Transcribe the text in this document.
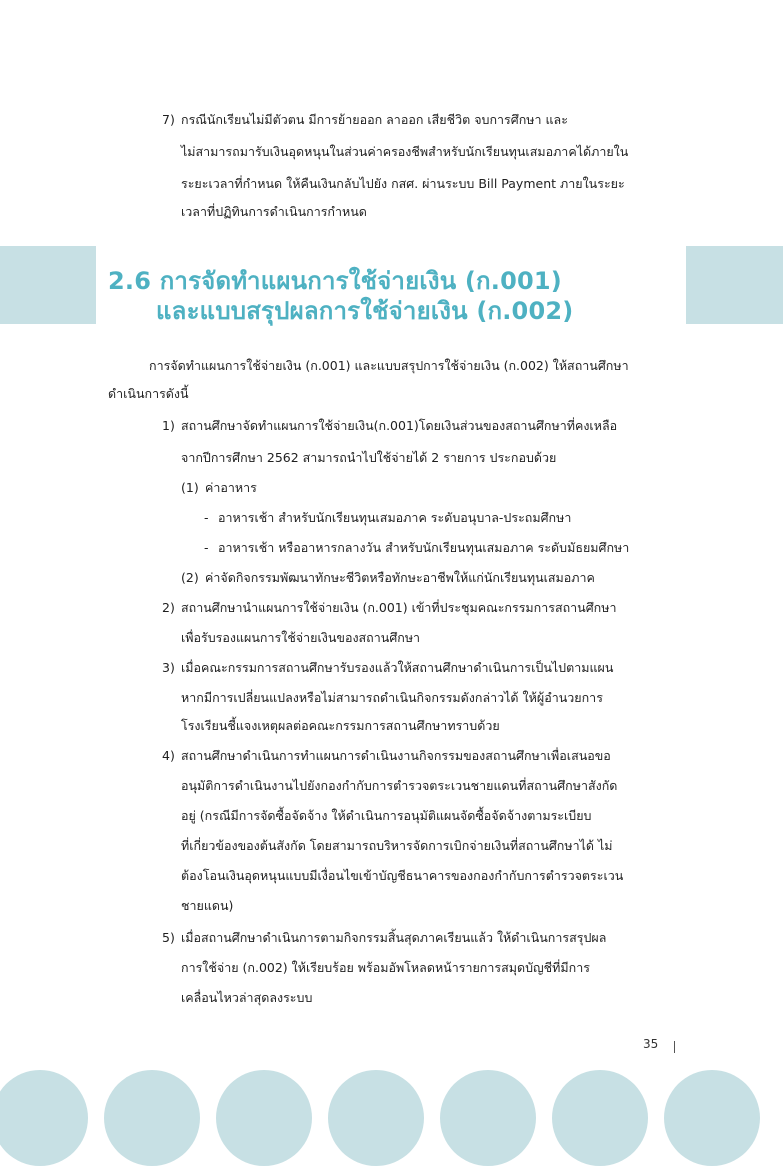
7) กรณีนักเรียนไม่มีตัวตน มีการย้ายออก ลาออก เสียชีวิต จบการศึกษา และ
ไม่สามารถมารับเงินอุดหนุนในส่วนค่าครองชีพสำหรับนักเรียนทุนเสมอภาคได้ภายใน
ระยะเวลาที่กำหนด ให้คืนเงินกลับไปยัง กสศ. ผ่านระบบ Bill Payment ภายในระยะ
เวลาที่ปฏิทินการดำเนินการกำหนด
2.6 การจัดทำแผนการใช้จ่ายเงิน (ก.001)
และแบบสรุปผลการใช้จ่ายเงิน (ก.002)
การจัดทำแผนการใช้จ่ายเงิน (ก.001) และแบบสรุปการใช้จ่ายเงิน (ก.002) ให้สถานศึกษา
ดำเนินการดังนี้
1) สถานศึกษาจัดทำแผนการใช้จ่ายเงิน(ก.001)โดยเงินส่วนของสถานศึกษาที่คงเหลือ
จากปีการศึกษา 2562 สามารถนำไปใช้จ่ายได้ 2 รายการ ประกอบด้วย
(1) ค่าอาหาร
- อาหารเช้า สำหรับนักเรียนทุนเสมอภาค ระดับอนุบาล-ประถมศึกษา
- อาหารเช้า หรืออาหารกลางวัน สำหรับนักเรียนทุนเสมอภาค ระดับมัธยมศึกษา
(2) ค่าจัดกิจกรรมพัฒนาทักษะชีวิตหรือทักษะอาชีพให้แก่นักเรียนทุนเสมอภาค
2) สถานศึกษานำแผนการใช้จ่ายเงิน (ก.001) เข้าที่ประชุมคณะกรรมการสถานศึกษา
เพื่อรับรองแผนการใช้จ่ายเงินของสถานศึกษา
3) เมื่อคณะกรรมการสถานศึกษารับรองแล้วให้สถานศึกษาดำเนินการเป็นไปตามแผน
หากมีการเปลี่ยนแปลงหรือไม่สามารถดำเนินกิจกรรมดังกล่าวได้ ให้ผู้อำนวยการ
โรงเรียนชี้แจงเหตุผลต่อคณะกรรมการสถานศึกษาทราบด้วย
4) สถานศึกษาดำเนินการทำแผนการดำเนินงานกิจกรรมของสถานศึกษาเพื่อเสนอขอ
อนุมัติการดำเนินงานไปยังกองกำกับการตำรวจตระเวนชายแดนที่สถานศึกษาสังกัด
อยู่ (กรณีมีการจัดซื้อจัดจ้าง ให้ดำเนินการอนุมัติแผนจัดซื้อจัดจ้างตามระเบียบ
ที่เกี่ยวข้องของต้นสังกัด โดยสามารถบริหารจัดการเบิกจ่ายเงินที่สถานศึกษาได้ ไม่
ต้องโอนเงินอุดหนุนแบบมีเงื่อนไขเข้าบัญชีธนาคารของกองกำกับการตำรวจตระเวน
ชายแดน)
5) เมื่อสถานศึกษาดำเนินการตามกิจกรรมสิ้นสุดภาคเรียนแล้ว ให้ดำเนินการสรุปผล
การใช้จ่าย (ก.002) ให้เรียบร้อย พร้อมอัพโหลดหน้ารายการสมุดบัญชีที่มีการ
เคลื่อนไหวล่าสุดลงระบบ
35
